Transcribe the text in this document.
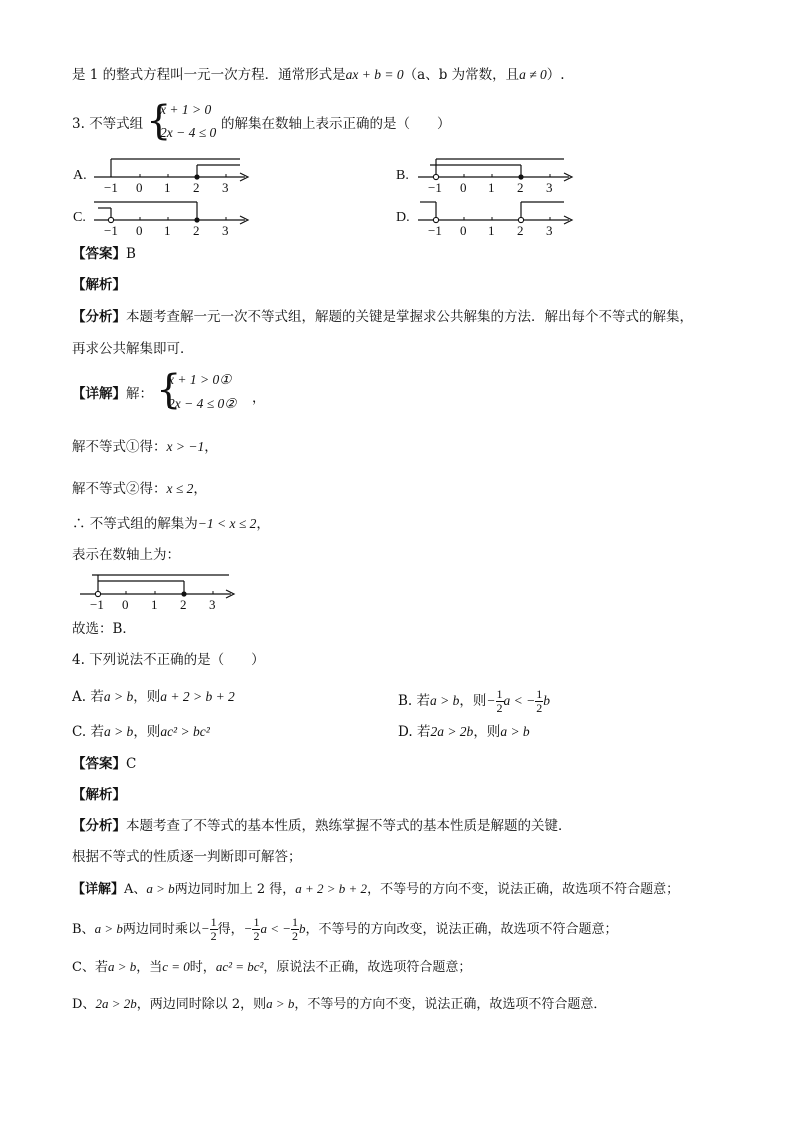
是 1 的整式方程叫一元一次方程．通常形式是ax + b = 0（a、b 为常数，且a ≠ 0）.
3. 不等式组 {
x + 1 > 0
2x − 4 ≤ 0
的解集在数轴上表示正确的是（　　）
A.	B.
C.	D.
−1 0 1 2 3	−1 0 1 2 3
−1 0 1 2 3	−1 0 1 2 3
【答案】B
【解析】
【分析】本题考查解一元一次不等式组，解题的关键是掌握求公共解集的方法．解出每个不等式的解集，
再求公共解集即可．
【详解】解： {
x + 1 > 0①
2x − 4 ≤ 0② ，
解不等式①得：x > −1，
解不等式②得：x ≤ 2，
∴ 不等式组的解集为−1 < x ≤ 2，
表示在数轴上为：
−1 0 1 2 3
故选：B．
4. 下列说法不正确的是（　　）
A. 若a > b，则a + 2 > b + 2	B. 若a > b，则− $\frac{1}{2}$ a < − $\frac{1}{2}$ b
C. 若a > b，则ac² > bc²	D. 若2a > 2b，则a > b
【答案】C
【解析】
【分析】本题考查了不等式的基本性质，熟练掌握不等式的基本性质是解题的关键．
根据不等式的性质逐一判断即可解答；
【详解】A、a > b两边同时加上 2 得，a + 2 > b + 2，不等号的方向不变，说法正确，故选项不符合题意；
B、a > b两边同时乘以− $\frac{1}{2}$ 得，− $\frac{1}{2}$ a < − $\frac{1}{2}$ b，不等号的方向改变，说法正确，故选项不符合题意；
C、若a > b，当c = 0时，ac² = bc²，原说法不正确，故选项符合题意；
D、2a > 2b，两边同时除以 2，则a > b，不等号的方向不变，说法正确，故选项不符合题意．
